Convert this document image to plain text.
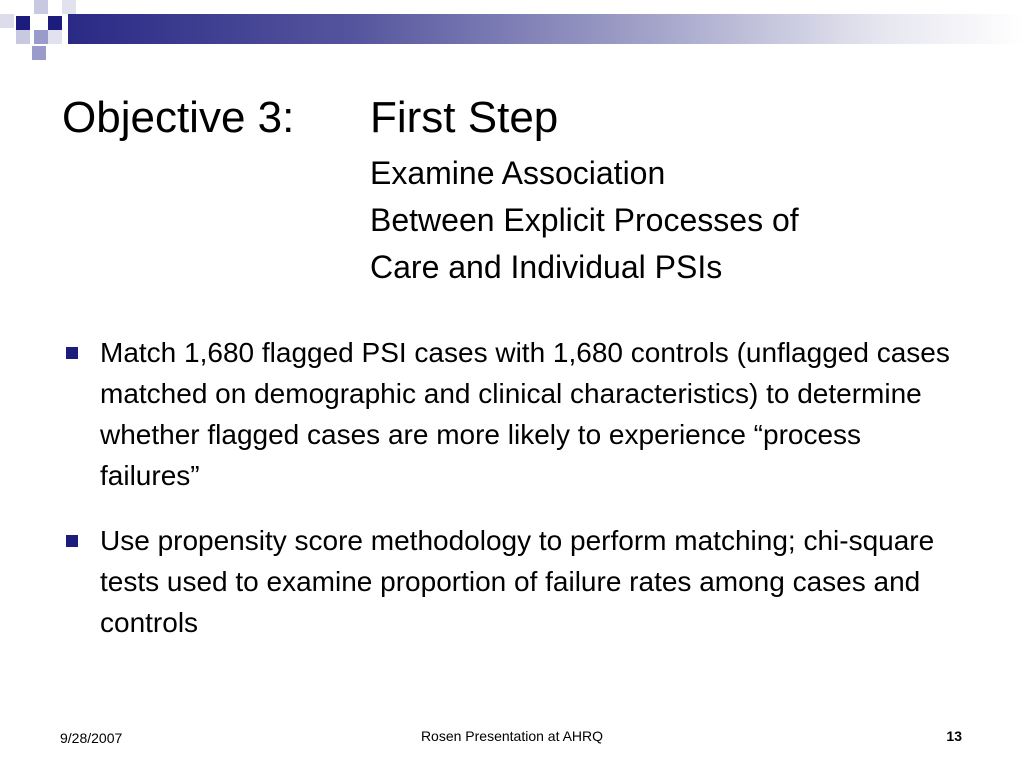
Objective 3: First Step
Examine Association
Between Explicit Processes of
Care and Individual PSIs
Match 1,680 flagged PSI cases with 1,680 controls (unflagged cases matched on demographic and clinical characteristics) to determine whether flagged cases are more likely to experience “process failures”
Use propensity score methodology to perform matching; chi-square tests used to examine proportion of failure rates among cases and controls
9/28/2007	Rosen Presentation at AHRQ	13
